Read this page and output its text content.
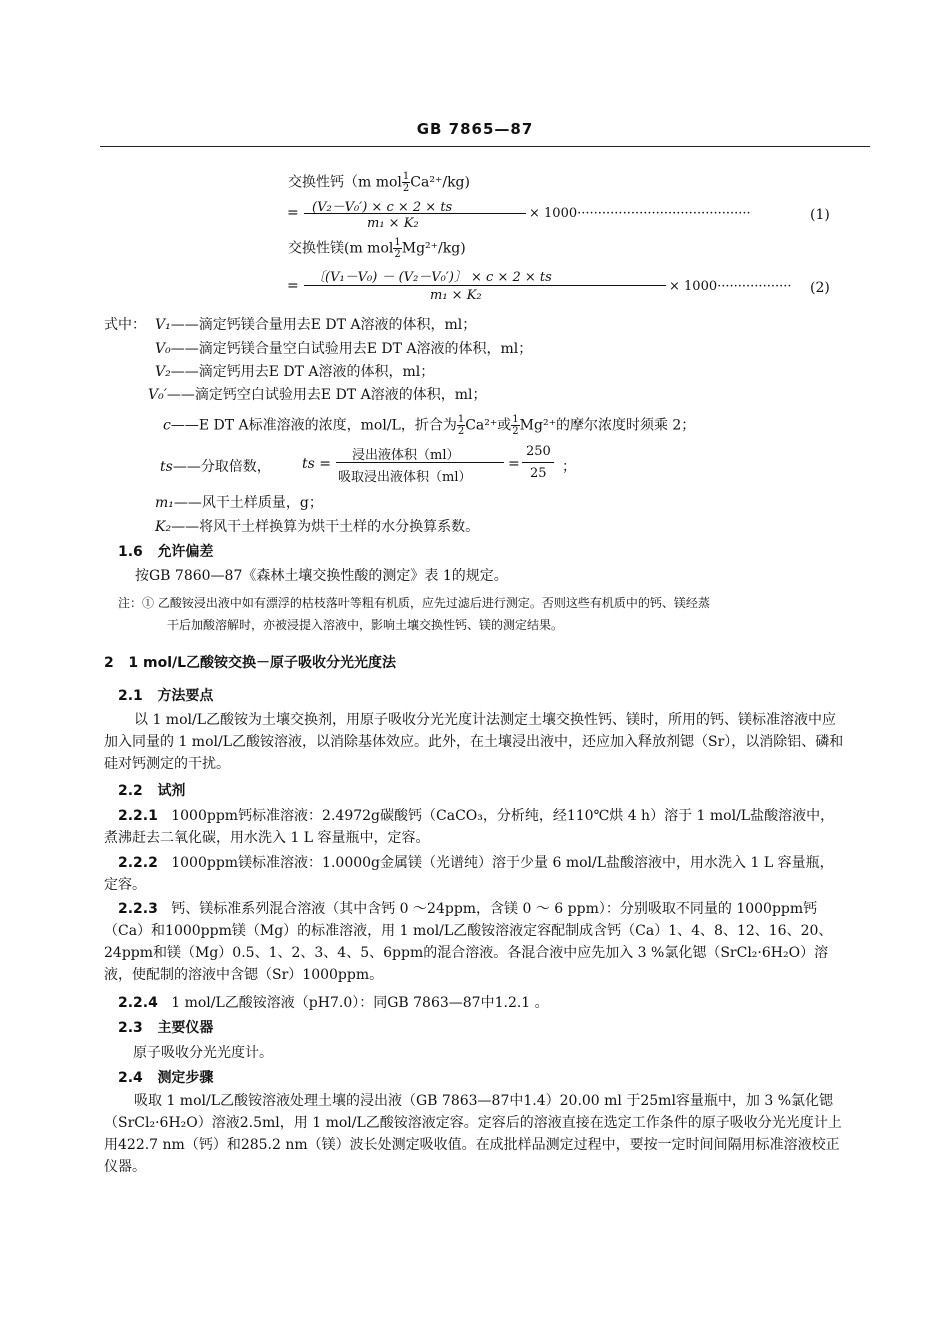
GB 7865—87
交换性钙（m mol $\frac{1}{2} Ca^{2+}/kg$)
= (V₂－V₀′) × c × 2 × ts
m₁ × K₂
× 1000··········································	(1)
交换性镁(m mol $\frac{1}{2} Mg^{2+}/kg$)
=
〔(V₁－V₀) － (V₂－V₀′)〕 × c × 2 × ts
m₁ × K₂
× 1000·················· (2)
式中： V₁——滴定钙镁合量用去E DT A溶液的体积，ml；
V₀——滴定钙镁合量空白试验用去E DT A溶液的体积，ml；
V₂——滴定钙用去E DT A溶液的体积，ml；
V₀′——滴定钙空白试验用去E DT A溶液的体积，ml；
c——E DT A标准溶液的浓度，mol/L，折合为 $\frac{1}{2} Ca^{2+}$或 $\frac{1}{2} Mg^{2+}$的摩尔浓度时须乘 2；
ts——分取倍数， ts =
浸出液体积（ml）
吸取浸出液体积（ml）
=
250
25 ；
m₁——风干土样质量，g；
K₂——将风干土样换算为烘干土样的水分换算系数。
1.6 允许偏差
按GB 7860—87《森林土壤交换性酸的测定》表 1的规定。
注：① 乙酸铵浸出液中如有漂浮的枯枝落叶等粗有机质，应先过滤后进行测定。否则这些有机质中的钙、镁经蒸
干后加酸溶解时，亦被浸提入溶液中，影响土壤交换性钙、镁的测定结果。
2 1 mol/L乙酸铵交换－原子吸收分光光度法
2.1 方法要点
以 1 mol/L乙酸铵为土壤交换剂，用原子吸收分光光度计法测定土壤交换性钙、镁时，所用的钙、镁标准溶液中应加入同量的 1 mol/L乙酸铵溶液，以消除基体效应。此外，在土壤浸出液中，还应加入释放剂锶（Sr），以消除铝、磷和硅对钙测定的干扰。
2.2 试剂
2.2.1 1000ppm钙标准溶液：2.4972g碳酸钙（CaCO₃，分析纯，经110℃烘 4 h）溶于 1 mol/L盐酸溶液中，煮沸赶去二氧化碳，用水洗入 1 L 容量瓶中，定容。
2.2.2 1000ppm镁标准溶液：1.0000g金属镁（光谱纯）溶于少量 6 mol/L盐酸溶液中，用水洗入 1 L 容量瓶，定容。
2.2.3 钙、镁标准系列混合溶液（其中含钙 0 ～24ppm，含镁 0 ～ 6 ppm）：分别吸取不同量的 1000ppm钙（Ca）和1000ppm镁（Mg）的标准溶液，用 1 mol/L乙酸铵溶液定容配制成含钙（Ca）1、4、8、12、16、20、24ppm和镁（Mg）0.5、1、2、3、4、5、6ppm的混合溶液。各混合液中应先加入 3 %氯化锶（SrCl₂·6H₂O）溶液，使配制的溶液中含锶（Sr）1000ppm。
2.2.4 1 mol/L乙酸铵溶液（pH7.0）：同GB 7863—87中1.2.1 。
2.3 主要仪器
原子吸收分光光度计。
2.4 测定步骤
吸取 1 mol/L乙酸铵溶液处理土壤的浸出液（GB 7863—87中1.4）20.00 ml 于25ml容量瓶中，加 3 %氯化锶（SrCl₂·6H₂O）溶液2.5ml，用 1 mol/L乙酸铵溶液定容。定容后的溶液直接在选定工作条件的原子吸收分光光度计上用422.7 nm（钙）和285.2 nm（镁）波长处测定吸收值。在成批样品测定过程中，要按一定时间间隔用标准溶液校正仪器。
